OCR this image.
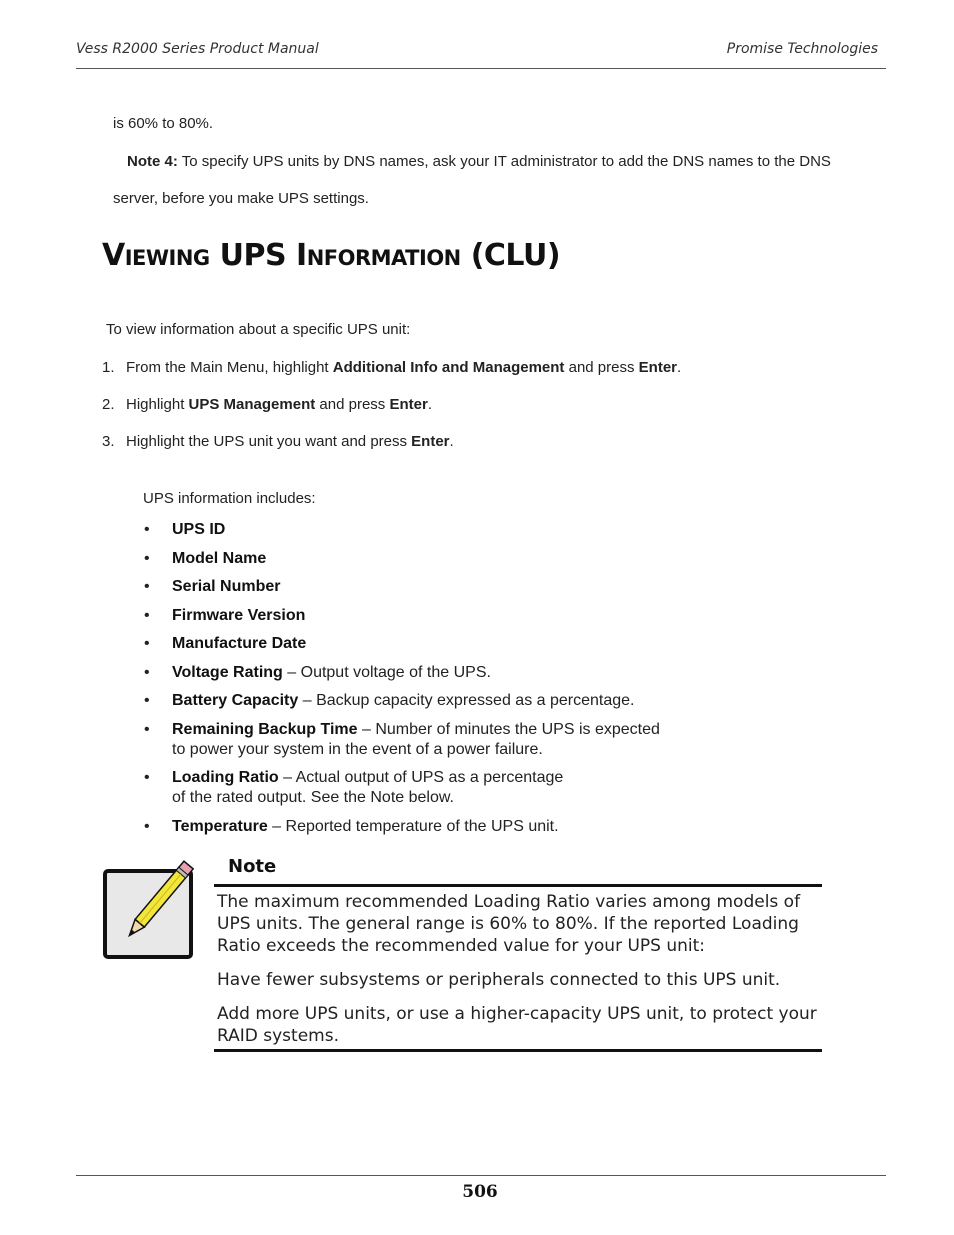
Vess R2000 Series Product Manual	Promise Technologies
is 60% to 80%.
Note 4: To specify UPS units by DNS names, ask your IT administrator to add the DNS names to the DNS
server, before you make UPS settings.
VIEWING UPS INFORMATION (CLU)
To view information about a specific UPS unit:
1. From the Main Menu, highlight Additional Info and Management and press Enter.
2. Highlight UPS Management and press Enter.
3. Highlight the UPS unit you want and press Enter.
UPS information includes:
• UPS ID
• Model Name
• Serial Number
• Firmware Version
• Manufacture Date
• Voltage Rating – Output voltage of the UPS.
• Battery Capacity – Backup capacity expressed as a percentage.
• Remaining Backup Time – Number of minutes the UPS is expected
to power your system in the event of a power failure.
• Loading Ratio – Actual output of UPS as a percentage
of the rated output. See the Note below.
• Temperature – Reported temperature of the UPS unit.
Note

The maximum recommended Loading Ratio varies among models of UPS units. The general range is 60% to 80%. If the reported Loading Ratio exceeds the recommended value for your UPS unit:

Have fewer subsystems or peripherals connected to this UPS unit.

Add more UPS units, or use a higher-capacity UPS unit, to protect your RAID systems.

506
